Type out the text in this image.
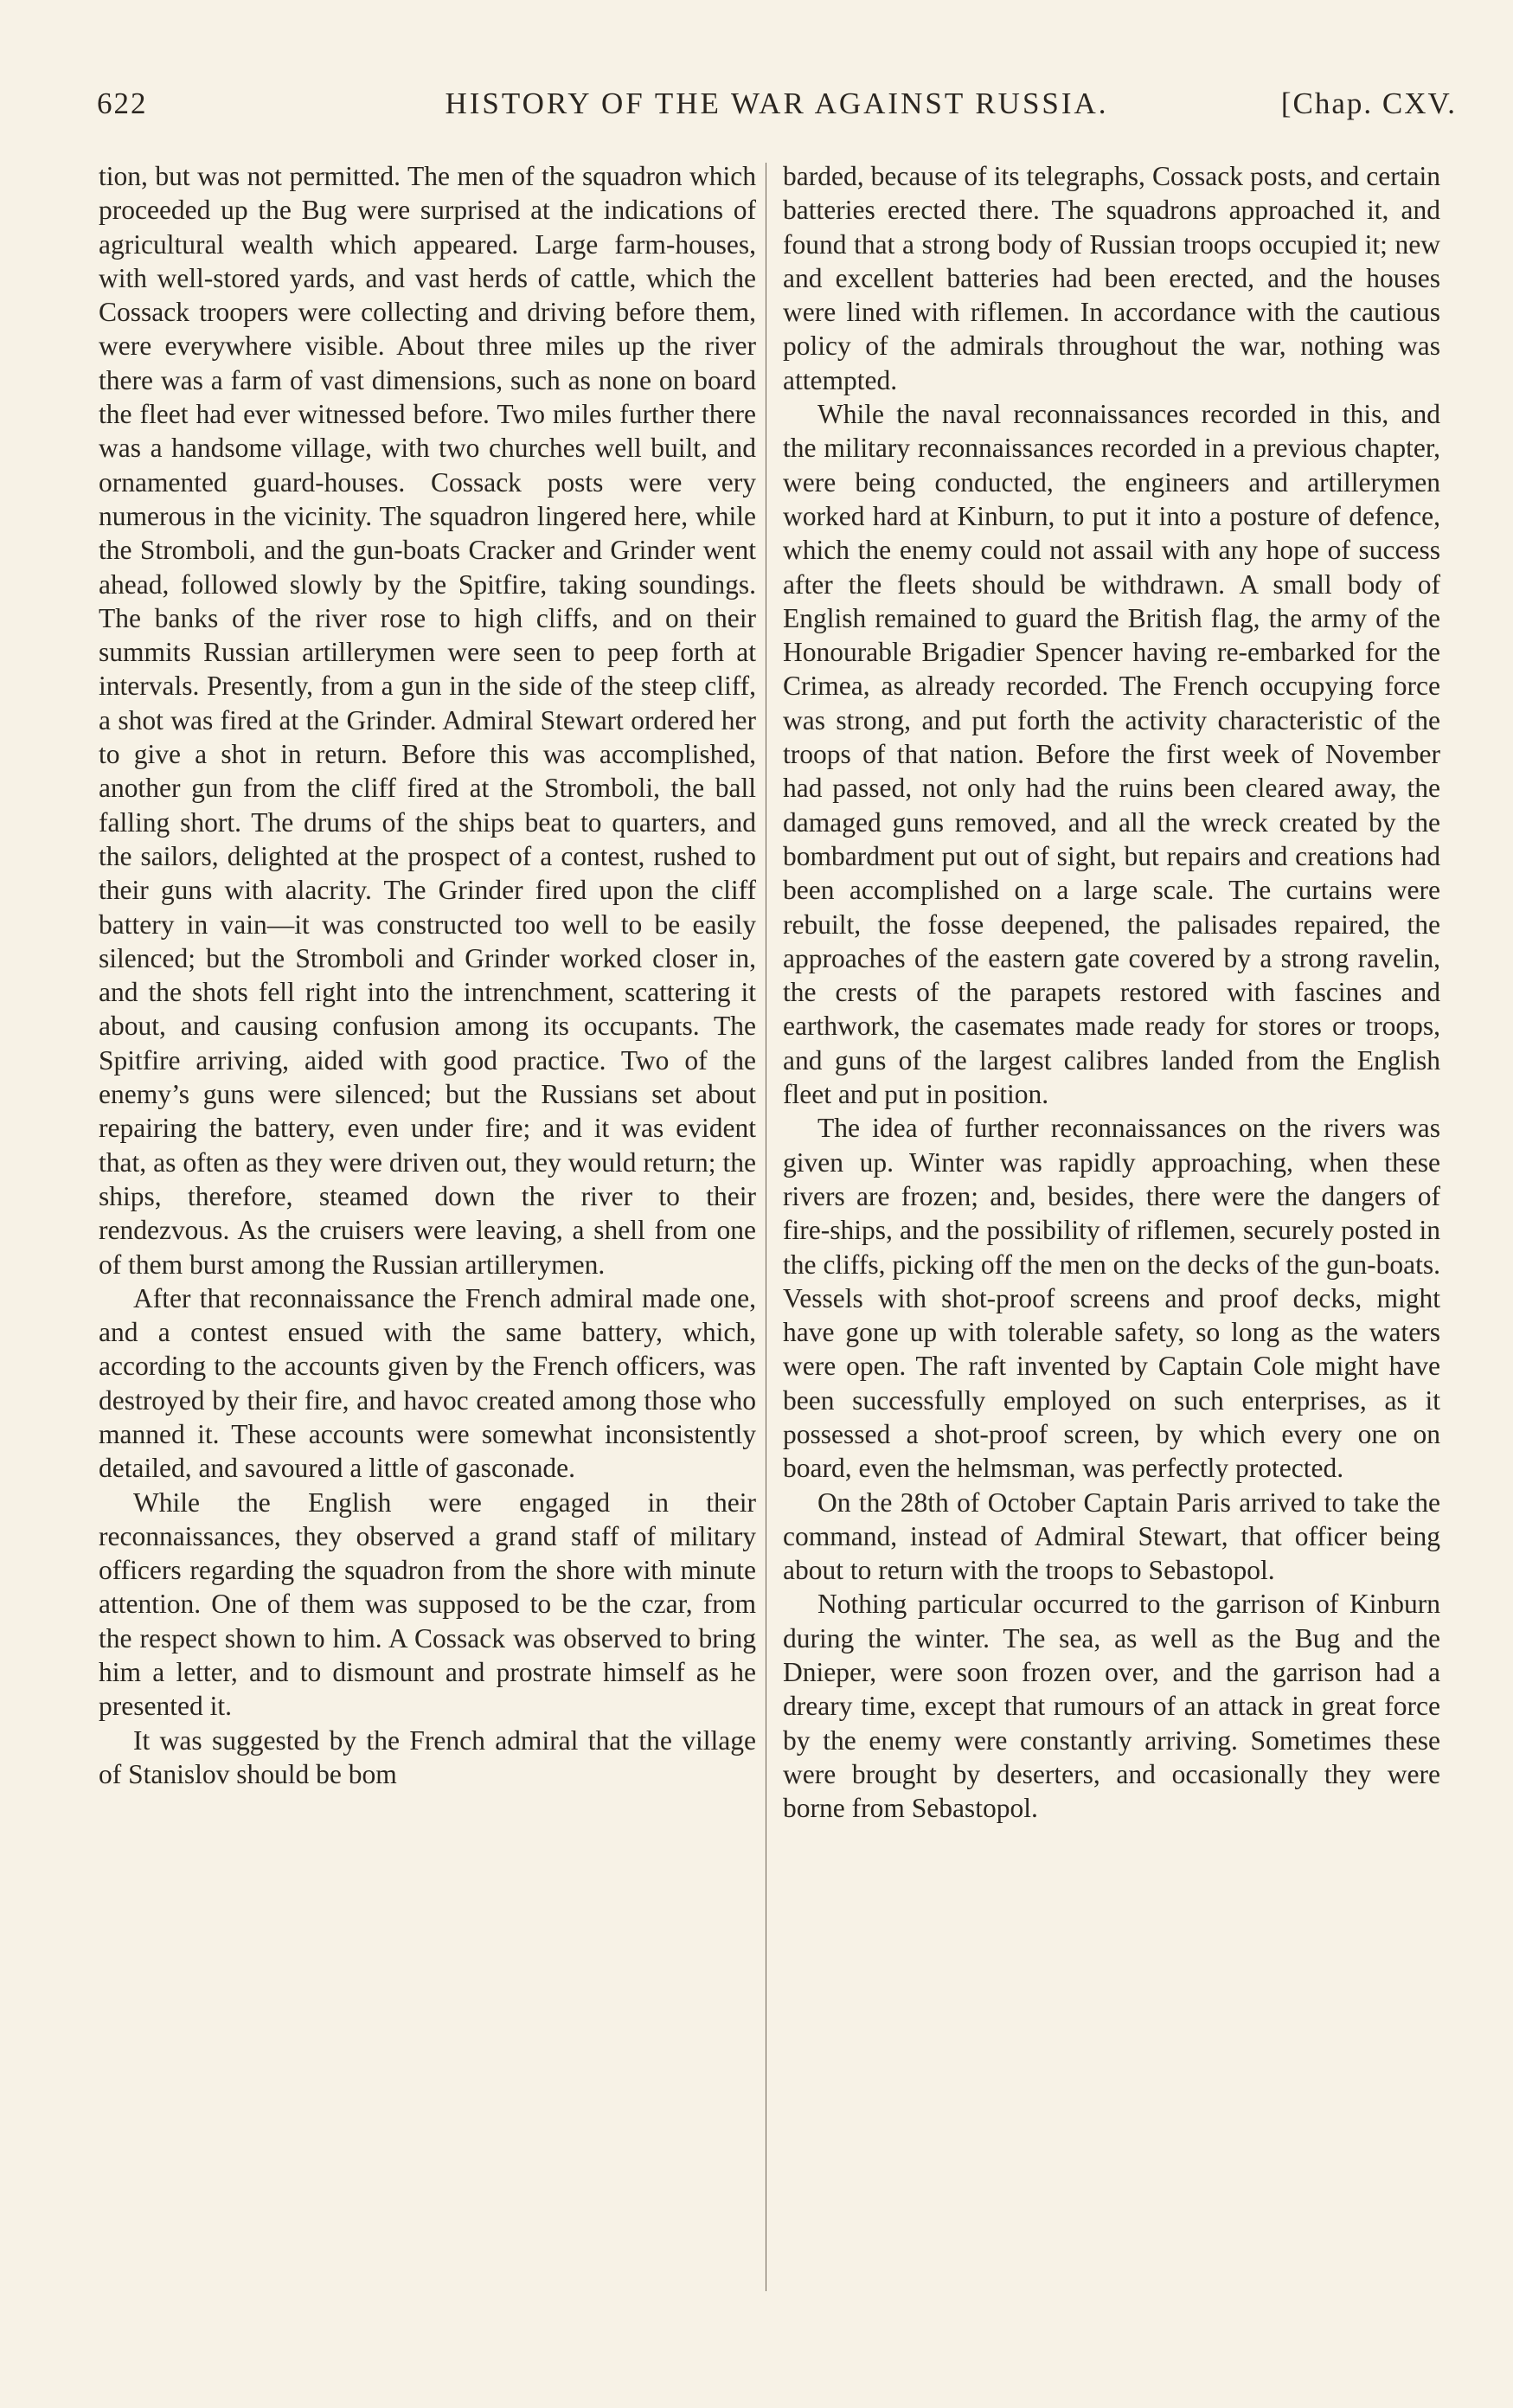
622	HISTORY OF THE WAR AGAINST RUSSIA.	[Chap. CXV.

tion, but was not permitted. The men of the squadron which proceeded up the Bug were surprised at the indications of agricultural wealth which appeared. Large farm-houses, with well-stored yards, and vast herds of cattle, which the Cossack troopers were collecting and driving before them, were everywhere visible. About three miles up the river there was a farm of vast dimensions, such as none on board the fleet had ever witnessed before. Two miles further there was a handsome village, with two churches well built, and ornamented guard-houses. Cossack posts were very numerous in the vicinity. The squadron lingered here, while the Stromboli, and the gun-boats Cracker and Grinder went ahead, followed slowly by the Spitfire, taking soundings. The banks of the river rose to high cliffs, and on their summits Russian artillerymen were seen to peep forth at intervals. Presently, from a gun in the side of the steep cliff, a shot was fired at the Grinder. Admiral Stewart ordered her to give a shot in return. Before this was accomplished, another gun from the cliff fired at the Stromboli, the ball falling short. The drums of the ships beat to quarters, and the sailors, delighted at the prospect of a contest, rushed to their guns with alacrity. The Grinder fired upon the cliff battery in vain—it was constructed too well to be easily silenced; but the Stromboli and Grinder worked closer in, and the shots fell right into the intrenchment, scattering it about, and causing confusion among its occupants. The Spitfire arriving, aided with good practice. Two of the enemy’s guns were silenced; but the Russians set about repairing the battery, even under fire; and it was evident that, as often as they were driven out, they would return; the ships, therefore, steamed down the river to their rendezvous. As the cruisers were leaving, a shell from one of them burst among the Russian artillerymen.

After that reconnaissance the French admiral made one, and a contest ensued with the same battery, which, according to the accounts given by the French officers, was destroyed by their fire, and havoc created among those who manned it. These accounts were somewhat inconsistently detailed, and savoured a little of gasconade.

While the English were engaged in their reconnaissances, they observed a grand staff of military officers regarding the squadron from the shore with minute attention. One of them was supposed to be the czar, from the respect shown to him. A Cossack was observed to bring him a letter, and to dismount and prostrate himself as he presented it.

It was suggested by the French admiral that the village of Stanislov should be bom

barded, because of its telegraphs, Cossack posts, and certain batteries erected there. The squadrons approached it, and found that a strong body of Russian troops occupied it; new and excellent batteries had been erected, and the houses were lined with riflemen. In accordance with the cautious policy of the admirals throughout the war, nothing was attempted.

While the naval reconnaissances recorded in this, and the military reconnaissances recorded in a previous chapter, were being conducted, the engineers and artillerymen worked hard at Kinburn, to put it into a posture of defence, which the enemy could not assail with any hope of success after the fleets should be withdrawn. A small body of English remained to guard the British flag, the army of the Honourable Brigadier Spencer having re-embarked for the Crimea, as already recorded. The French occupying force was strong, and put forth the activity characteristic of the troops of that nation. Before the first week of November had passed, not only had the ruins been cleared away, the damaged guns removed, and all the wreck created by the bombardment put out of sight, but repairs and creations had been accomplished on a large scale. The curtains were rebuilt, the fosse deepened, the palisades repaired, the approaches of the eastern gate covered by a strong ravelin, the crests of the parapets restored with fascines and earthwork, the casemates made ready for stores or troops, and guns of the largest calibres landed from the English fleet and put in position.

The idea of further reconnaissances on the rivers was given up. Winter was rapidly approaching, when these rivers are frozen; and, besides, there were the dangers of fire-ships, and the possibility of riflemen, securely posted in the cliffs, picking off the men on the decks of the gun-boats. Vessels with shot-proof screens and proof decks, might have gone up with tolerable safety, so long as the waters were open. The raft invented by Captain Cole might have been successfully employed on such enterprises, as it possessed a shot-proof screen, by which every one on board, even the helmsman, was perfectly protected.

On the 28th of October Captain Paris arrived to take the command, instead of Admiral Stewart, that officer being about to return with the troops to Sebastopol.

Nothing particular occurred to the garrison of Kinburn during the winter. The sea, as well as the Bug and the Dnieper, were soon frozen over, and the garrison had a dreary time, except that rumours of an attack in great force by the enemy were constantly arriving. Sometimes these were brought by deserters, and occasionally they were borne from Sebastopol.
